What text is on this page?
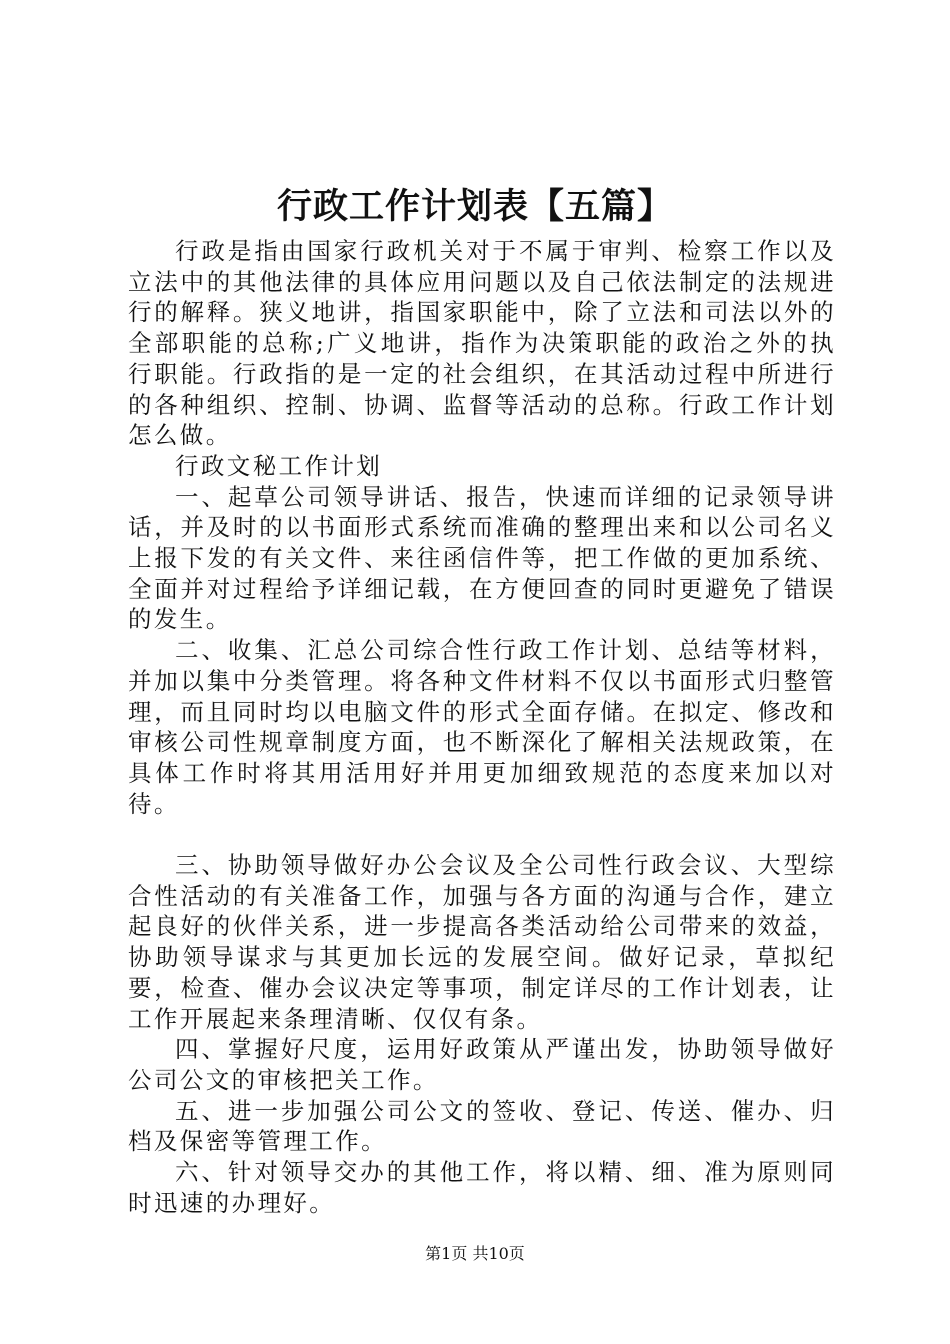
行政工作计划表【五篇】

行政是指由国家行政机关对于不属于审判、检察工作以及立法中的其他法律的具体应用问题以及自己依法制定的法规进行的解释。狭义地讲，指国家职能中，除了立法和司法以外的全部职能的总称;广义地讲，指作为决策职能的政治之外的执行职能。行政指的是一定的社会组织，在其活动过程中所进行的各种组织、控制、协调、监督等活动的总称。行政工作计划怎么做。

行政文秘工作计划

一、起草公司领导讲话、报告，快速而详细的记录领导讲话，并及时的以书面形式系统而准确的整理出来和以公司名义上报下发的有关文件、来往函信件等，把工作做的更加系统、全面并对过程给予详细记载，在方便回查的同时更避免了错误的发生。

二、收集、汇总公司综合性行政工作计划、总结等材料，并加以集中分类管理。将各种文件材料不仅以书面形式归整管理，而且同时均以电脑文件的形式全面存储。在拟定、修改和审核公司性规章制度方面，也不断深化了解相关法规政策，在具体工作时将其用活用好并用更加细致规范的态度来加以对待。

三、协助领导做好办公会议及全公司性行政会议、大型综合性活动的有关准备工作，加强与各方面的沟通与合作，建立起良好的伙伴关系，进一步提高各类活动给公司带来的效益，协助领导谋求与其更加长远的发展空间。做好记录，草拟纪要，检查、催办会议决定等事项，制定详尽的工作计划表，让工作开展起来条理清晰、仅仅有条。

四、掌握好尺度，运用好政策从严谨出发，协助领导做好公司公文的审核把关工作。

五、进一步加强公司公文的签收、登记、传送、催办、归档及保密等管理工作。

六、针对领导交办的其他工作，将以精、细、准为原则同时迅速的办理好。

第1页 共10页
